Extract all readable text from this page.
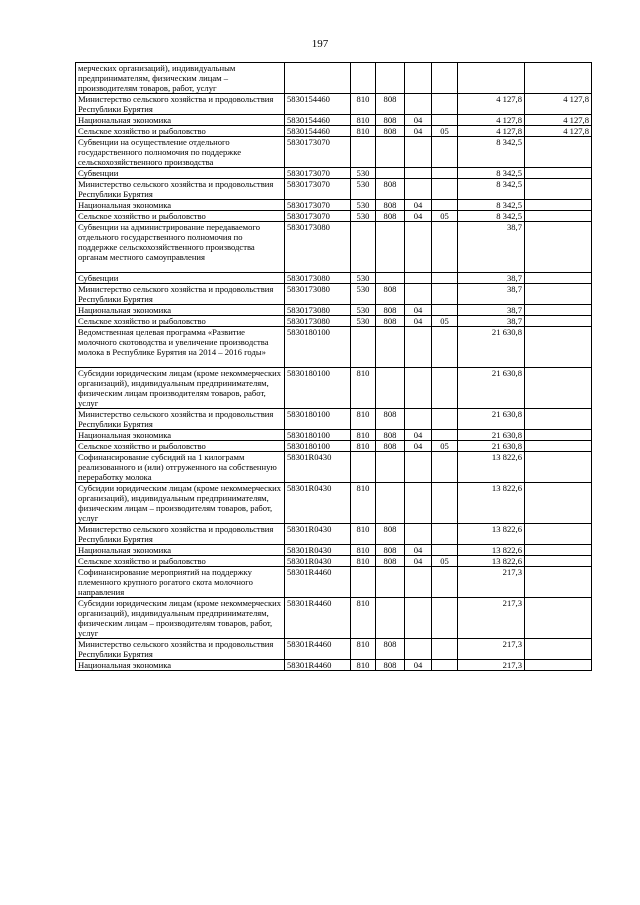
197
мерческих организаций), индивидуальным предпринимателям, физическим лицам – производителям товаров, работ, услуг							
Министерство сельского хозяйства и продовольствия Республики Бурятия	5830154460	810	808			4 127,8	4 127,8
Национальная экономика	5830154460	810	808	04		4 127,8	4 127,8
Сельское хозяйство и рыболовство	5830154460	810	808	04	05	4 127,8	4 127,8
Субвенции на осуществление отдельного государственного полномочия по поддержке сельскохозяйственного производства	5830173070					8 342,5	
Субвенции	5830173070	530				8 342,5	
Министерство сельского хозяйства и продовольствия Республики Бурятия	5830173070	530	808			8 342,5	
Национальная экономика	5830173070	530	808	04		8 342,5	
Сельское хозяйство и рыболовство	5830173070	530	808	04	05	8 342,5	
Субвенции на администрирование передаваемого отдельного государственного полномочия по поддержке сельскохозяйственного производства органам местного самоуправления	5830173080					38,7	
Субвенции	5830173080	530				38,7	
Министерство сельского хозяйства и продовольствия Республики Бурятия	5830173080	530	808			38,7	
Национальная экономика	5830173080	530	808	04		38,7	
Сельское хозяйство и рыболовство	5830173080	530	808	04	05	38,7	
Ведомственная целевая программа «Развитие молочного скотоводства и увеличение производства молока в Республике Бурятия на 2014 – 2016 годы»	5830180100					21 630,8	
Субсидии юридическим лицам (кроме некоммерческих организаций), индивидуальным предпринимателям, физическим лицам производителям товаров, работ, услуг	5830180100	810				21 630,8	
Министерство сельского хозяйства и продовольствия Республики Бурятия	5830180100	810	808			21 630,8	
Национальная экономика	5830180100	810	808	04		21 630,8	
Сельское хозяйство и рыболовство	5830180100	810	808	04	05	21 630,8	
Софинансирование субсидий на 1 килограмм реализованного и (или) отгруженного на собственную переработку молока	58301R0430					13 822,6	
Субсидии юридическим лицам (кроме некоммерческих организаций), индивидуальным предпринимателям, физическим лицам – производителям товаров, работ, услуг	58301R0430	810				13 822,6	
Министерство сельского хозяйства и продовольствия Республики Бурятия	58301R0430	810	808			13 822,6	
Национальная экономика	58301R0430	810	808	04		13 822,6	
Сельское хозяйство и рыболовство	58301R0430	810	808	04	05	13 822,6	
Софинансирование мероприятий на поддержку племенного крупного рогатого скота молочного направления	58301R4460					217,3	
Субсидии юридическим лицам (кроме некоммерческих организаций), индивидуальным предпринимателям, физическим лицам – производителям товаров, работ, услуг	58301R4460	810				217,3	
Министерство сельского хозяйства и продовольствия Республики Бурятия	58301R4460	810	808			217,3	
Национальная экономика	58301R4460	810	808	04		217,3	
